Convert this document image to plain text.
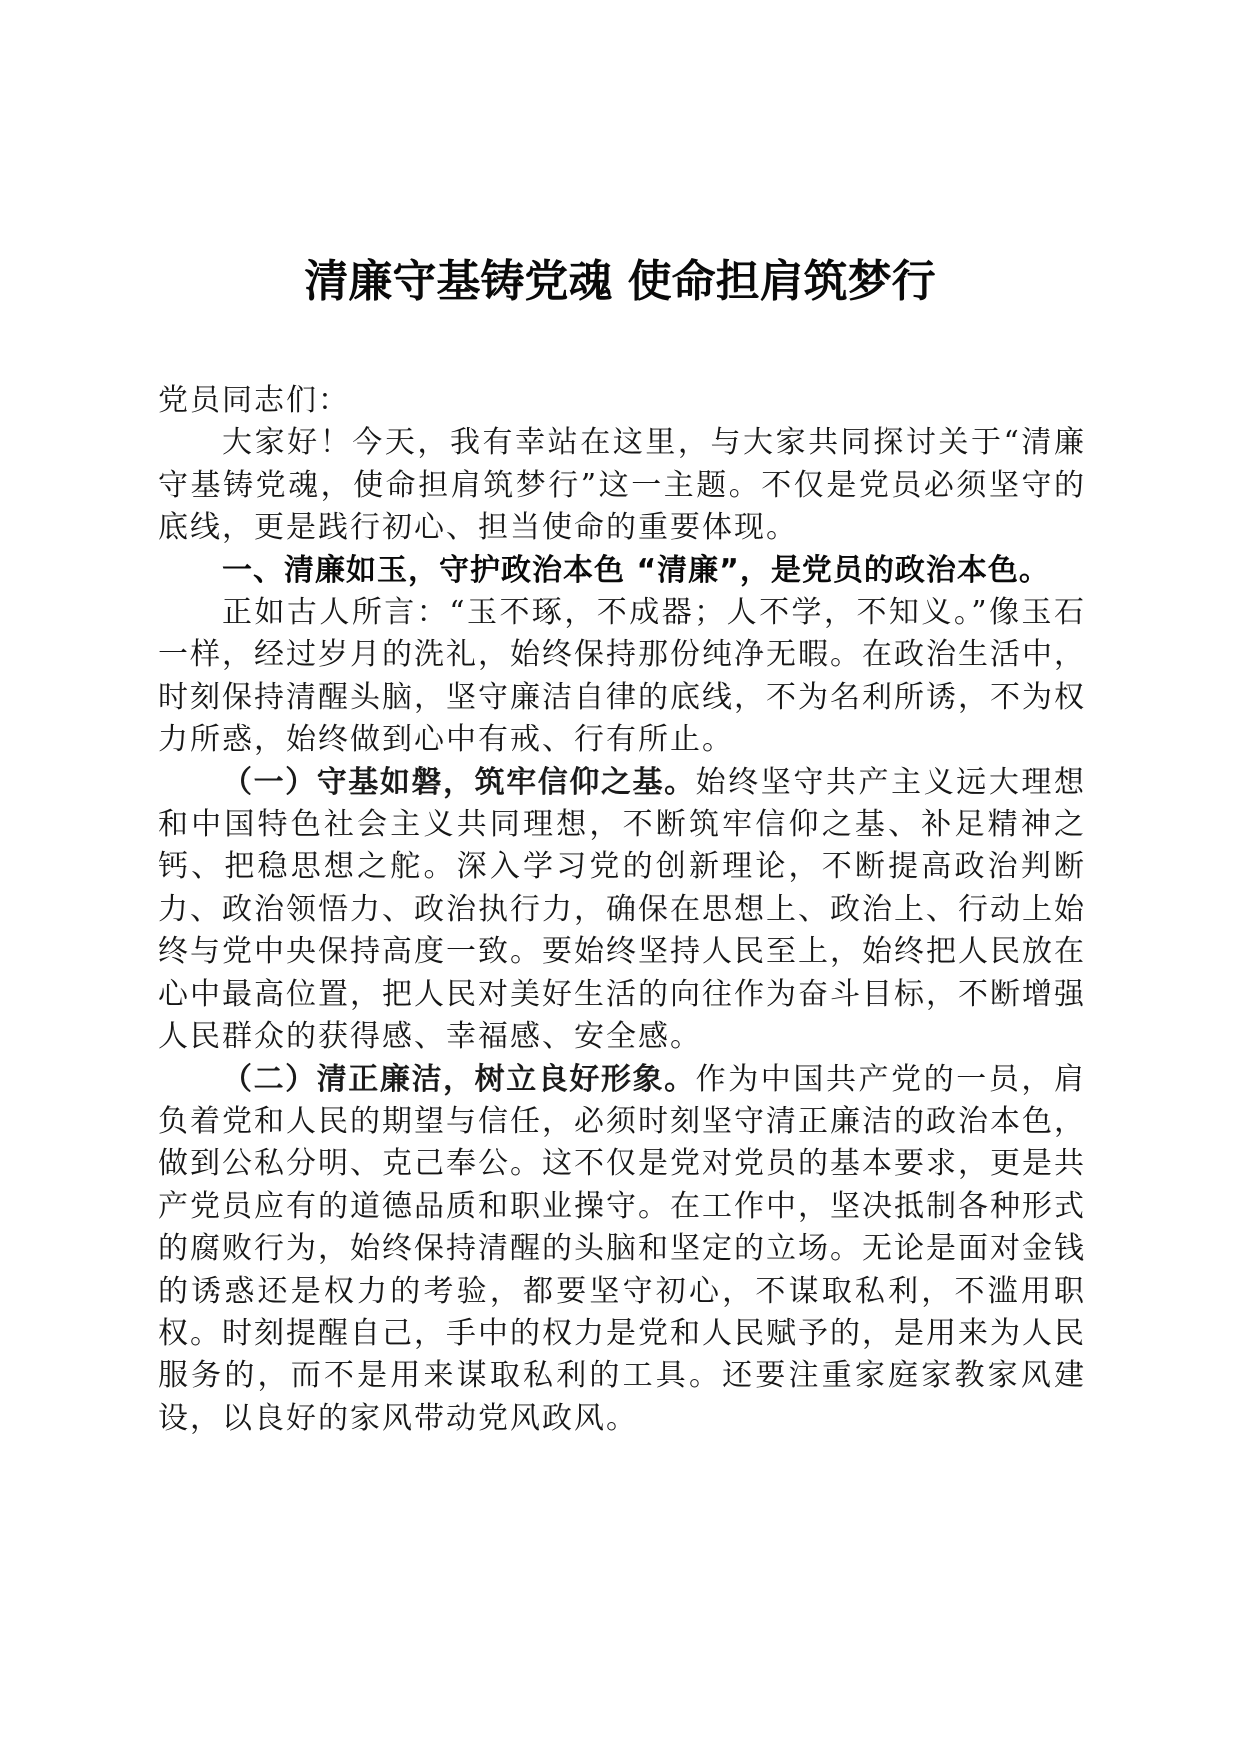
清廉守基铸党魂 使命担肩筑梦行

党员同志们：

大家好！今天，我有幸站在这里，与大家共同探讨关于“清廉守基铸党魂，使命担肩筑梦行”这一主题。不仅是党员必须坚守的底线，更是践行初心、担当使命的重要体现。

一、清廉如玉，守护政治本色 “清廉”，是党员的政治本色。

正如古人所言：“玉不琢，不成器；人不学，不知义。”像玉石一样，经过岁月的洗礼，始终保持那份纯净无暇。在政治生活中，时刻保持清醒头脑，坚守廉洁自律的底线，不为名利所诱，不为权力所惑，始终做到心中有戒、行有所止。

（一）守基如磐，筑牢信仰之基。始终坚守共产主义远大理想和中国特色社会主义共同理想，不断筑牢信仰之基、补足精神之钙、把稳思想之舵。深入学习党的创新理论，不断提高政治判断力、政治领悟力、政治执行力，确保在思想上、政治上、行动上始终与党中央保持高度一致。要始终坚持人民至上，始终把人民放在心中最高位置，把人民对美好生活的向往作为奋斗目标，不断增强人民群众的获得感、幸福感、安全感。

（二）清正廉洁，树立良好形象。作为中国共产党的一员，肩负着党和人民的期望与信任，必须时刻坚守清正廉洁的政治本色，做到公私分明、克己奉公。这不仅是党对党员的基本要求，更是共产党员应有的道德品质和职业操守。在工作中，坚决抵制各种形式的腐败行为，始终保持清醒的头脑和坚定的立场。无论是面对金钱的诱惑还是权力的考验，都要坚守初心，不谋取私利，不滥用职权。时刻提醒自己，手中的权力是党和人民赋予的，是用来为人民服务的，而不是用来谋取私利的工具。还要注重家庭家教家风建设，以良好的家风带动党风政风。
